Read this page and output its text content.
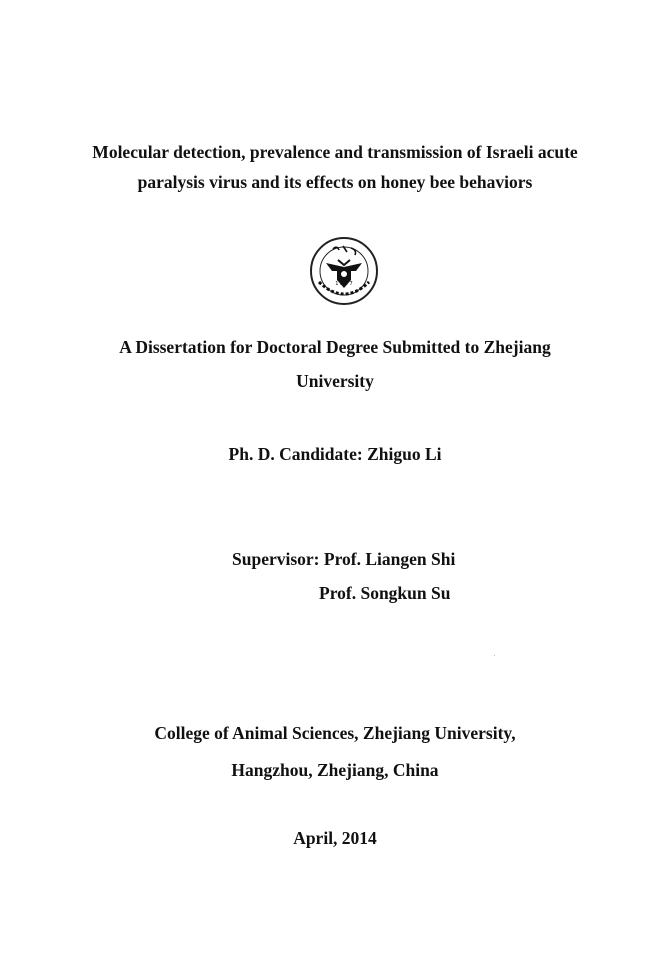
Molecular detection, prevalence and transmission of Israeli acute
paralysis virus and its effects on honey bee behaviors
1 8 9 7
A Dissertation for Doctoral Degree Submitted to Zhejiang
University
Ph. D. Candidate: Zhiguo Li
Supervisor: Prof. Liangen Shi
Prof. Songkun Su
College of Animal Sciences, Zhejiang University,
Hangzhou, Zhejiang, China
April, 2014
